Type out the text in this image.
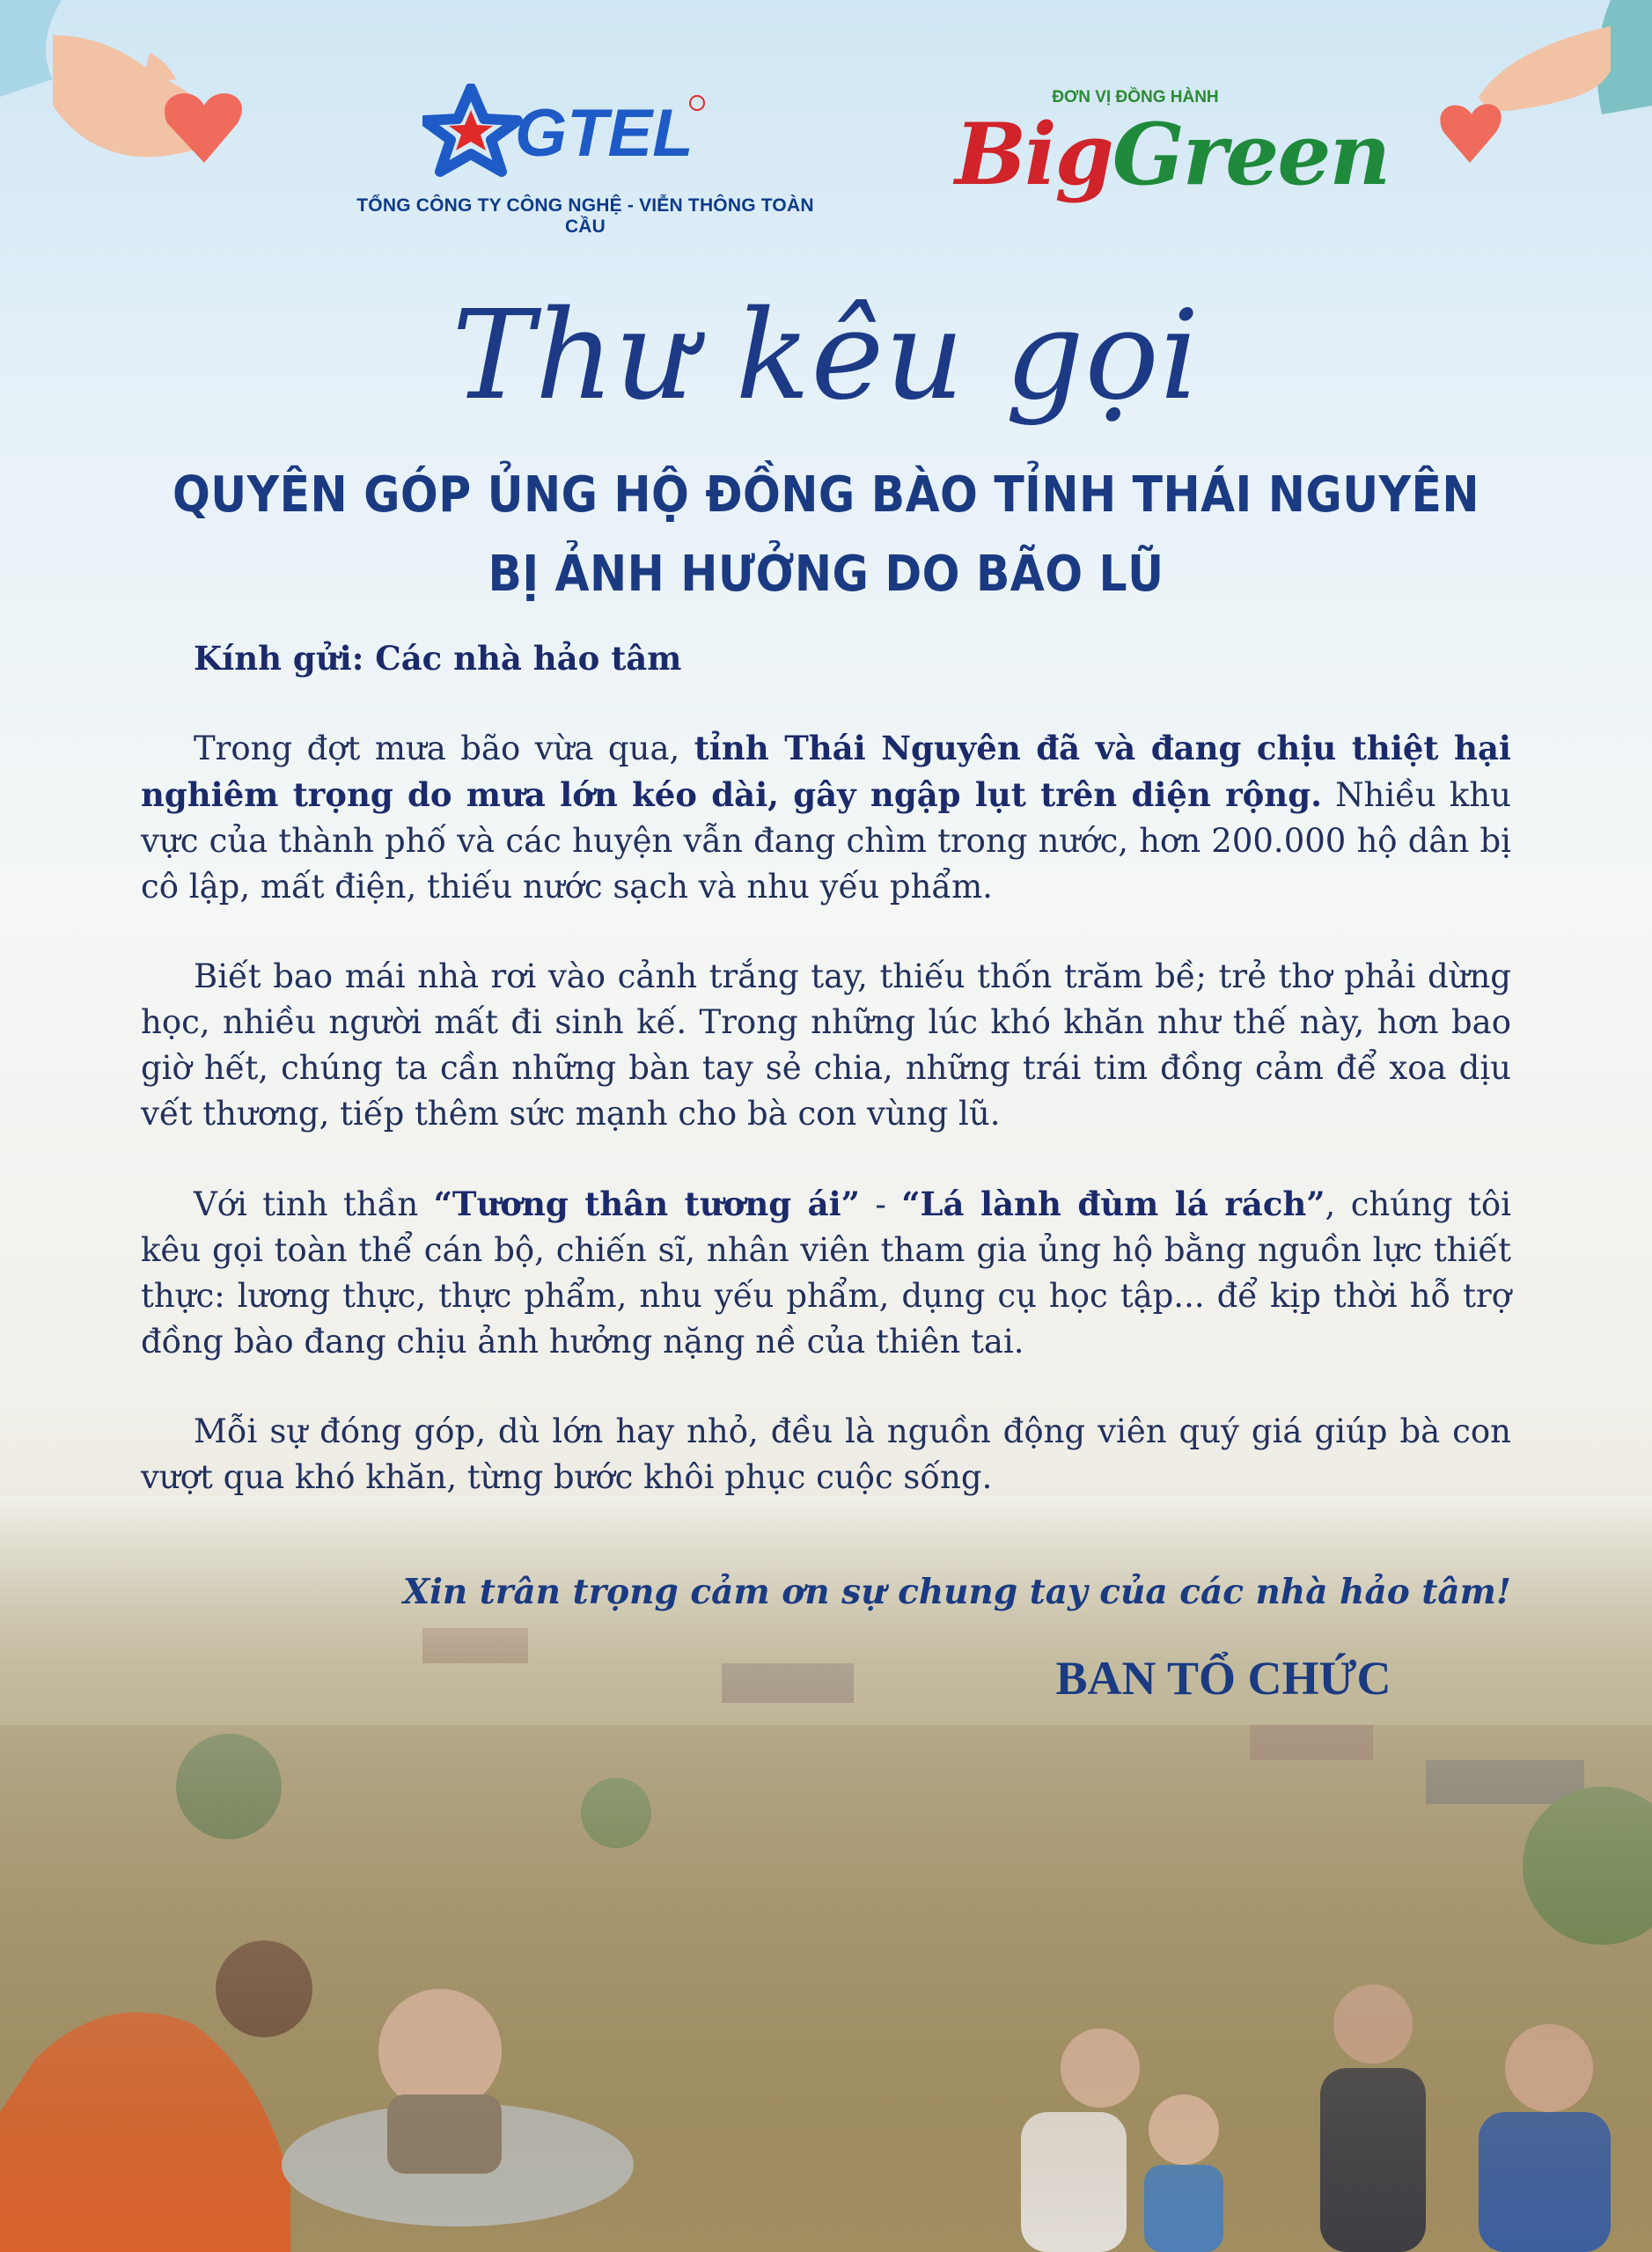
GTEL
TỔNG CÔNG TY CÔNG NGHỆ - VIỄN THÔNG TOÀN CẦU
ĐƠN VỊ ĐỒNG HÀNH
BigGreen
Thư kêu gọi
QUYÊN GÓP ỦNG HỘ ĐỒNG BÀO TỈNH THÁI NGUYÊN
BỊ ẢNH HƯỞNG DO BÃO LŨ
Kính gửi: Các nhà hảo tâm

Trong đợt mưa bão vừa qua, tỉnh Thái Nguyên đã và đang chịu thiệt hại nghiêm trọng do mưa lớn kéo dài, gây ngập lụt trên diện rộng. Nhiều khu vực của thành phố và các huyện vẫn đang chìm trong nước, hơn 200.000 hộ dân bị cô lập, mất điện, thiếu nước sạch và nhu yếu phẩm.

Biết bao mái nhà rơi vào cảnh trắng tay, thiếu thốn trăm bề; trẻ thơ phải dừng học, nhiều người mất đi sinh kế. Trong những lúc khó khăn như thế này, hơn bao giờ hết, chúng ta cần những bàn tay sẻ chia, những trái tim đồng cảm để xoa dịu vết thương, tiếp thêm sức mạnh cho bà con vùng lũ.

Với tinh thần “Tương thân tương ái” - “Lá lành đùm lá rách”, chúng tôi kêu gọi toàn thể cán bộ, chiến sĩ, nhân viên tham gia ủng hộ bằng nguồn lực thiết thực: lương thực, thực phẩm, nhu yếu phẩm, dụng cụ học tập... để kịp thời hỗ trợ đồng bào đang chịu ảnh hưởng nặng nề của thiên tai.

Mỗi sự đóng góp, dù lớn hay nhỏ, đều là nguồn động viên quý giá giúp bà con vượt qua khó khăn, từng bước khôi phục cuộc sống.

Xin trân trọng cảm ơn sự chung tay của các nhà hảo tâm!
BAN TỔ CHỨC
